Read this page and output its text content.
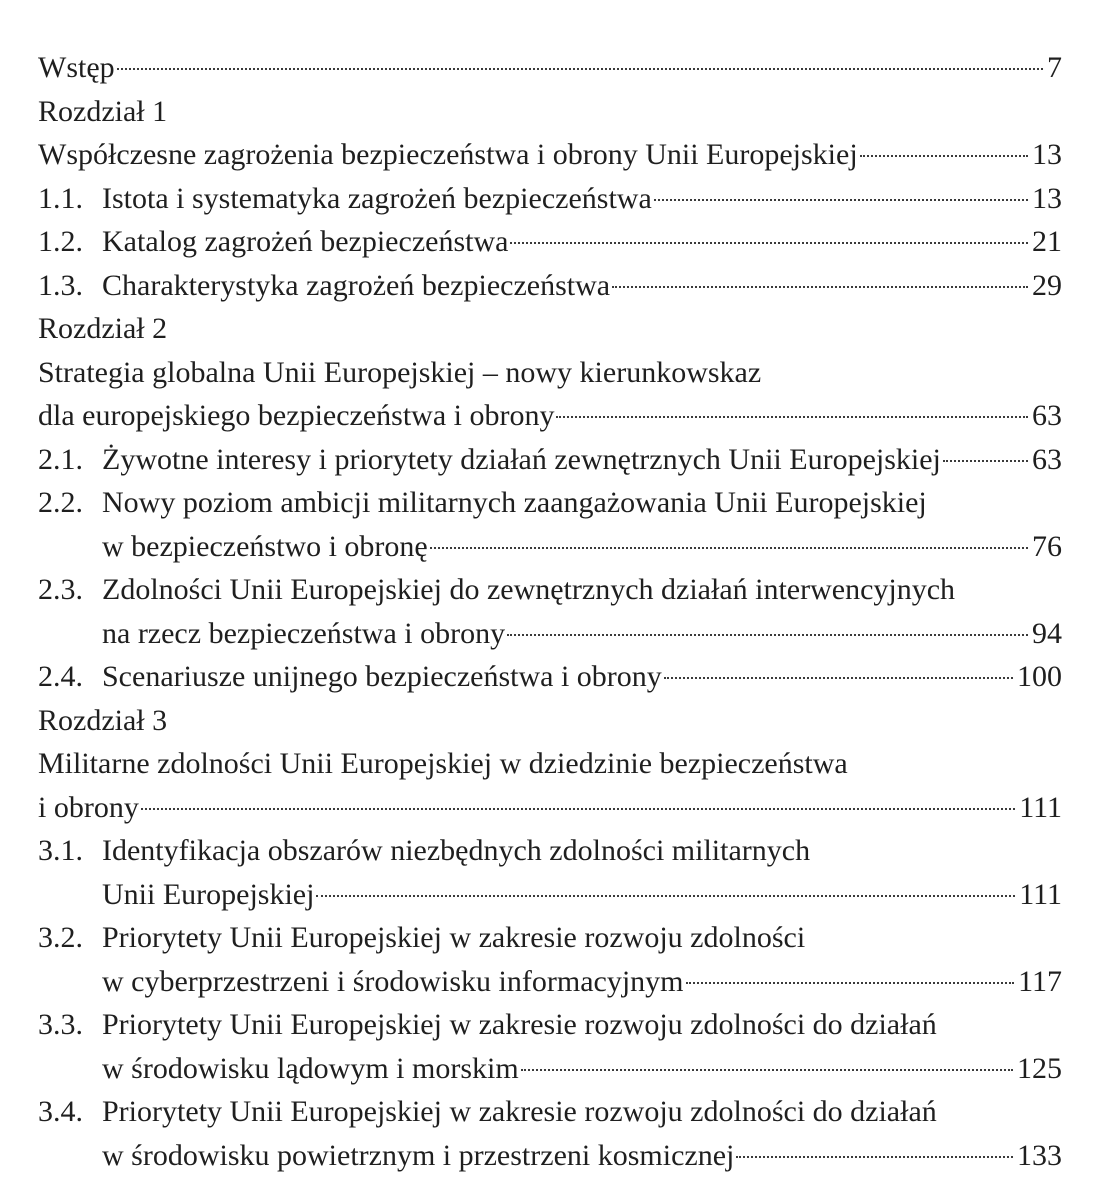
Wstęp	7
Rozdział 1
Współczesne zagrożenia bezpieczeństwa i obrony Unii Europejskiej	13
1.1. Istota i systematyka zagrożeń bezpieczeństwa	13
1.2. Katalog zagrożeń bezpieczeństwa	21
1.3. Charakterystyka zagrożeń bezpieczeństwa	29
Rozdział 2
Strategia globalna Unii Europejskiej – nowy kierunkowskaz
dla europejskiego bezpieczeństwa i obrony	63
2.1. Żywotne interesy i priorytety działań zewnętrznych Unii Europejskiej	63
2.2. Nowy poziom ambicji militarnych zaangażowania Unii Europejskiej
w bezpieczeństwo i obronę	76
2.3. Zdolności Unii Europejskiej do zewnętrznych działań interwencyjnych
na rzecz bezpieczeństwa i obrony	94
2.4. Scenariusze unijnego bezpieczeństwa i obrony	100
Rozdział 3
Militarne zdolności Unii Europejskiej w dziedzinie bezpieczeństwa
i obrony	111
3.1. Identyfikacja obszarów niezbędnych zdolności militarnych
Unii Europejskiej	111
3.2. Priorytety Unii Europejskiej w zakresie rozwoju zdolności
w cyberprzestrzeni i środowisku informacyjnym	117
3.3. Priorytety Unii Europejskiej w zakresie rozwoju zdolności do działań
w środowisku lądowym i morskim	125
3.4. Priorytety Unii Europejskiej w zakresie rozwoju zdolności do działań
w środowisku powietrznym i przestrzeni kosmicznej	133
